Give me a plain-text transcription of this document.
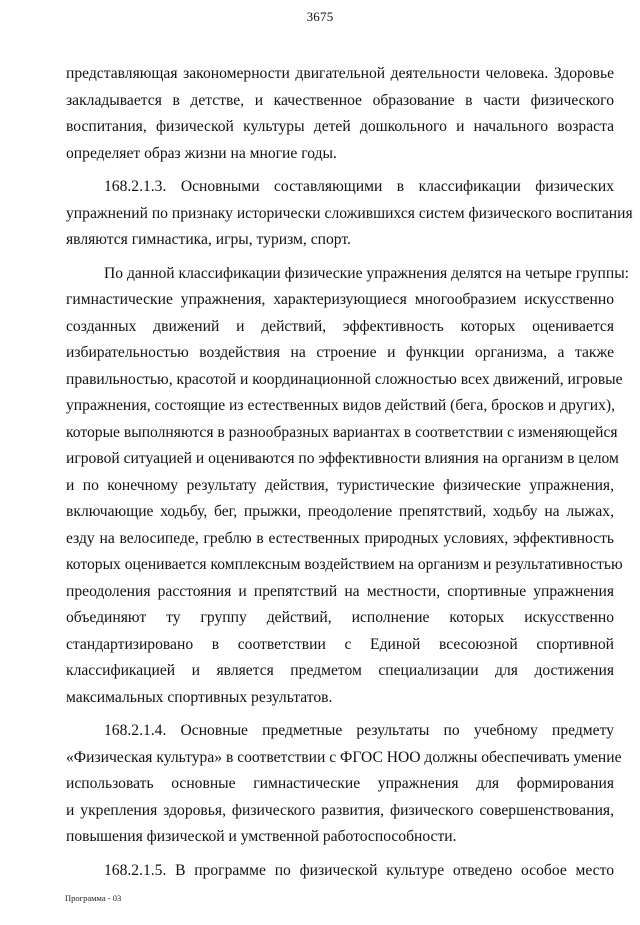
3675
представляющая закономерности двигательной деятельности человека. Здоровье
закладывается в детстве, и качественное образование в части физического
воспитания, физической культуры детей дошкольного и начального возраста
определяет образ жизни на многие годы.
168.2.1.3. Основными составляющими в классификации физических
упражнений по признаку исторически сложившихся систем физического воспитания
являются гимнастика, игры, туризм, спорт.
По данной классификации физические упражнения делятся на четыре группы:
гимнастические упражнения, характеризующиеся многообразием искусственно
созданных движений и действий, эффективность которых оценивается
избирательностью воздействия на строение и функции организма, а также
правильностью, красотой и координационной сложностью всех движений, игровые
упражнения, состоящие из естественных видов действий (бега, бросков и других),
которые выполняются в разнообразных вариантах в соответствии с изменяющейся
игровой ситуацией и оцениваются по эффективности влияния на организм в целом
и по конечному результату действия, туристические физические упражнения,
включающие ходьбу, бег, прыжки, преодоление препятствий, ходьбу на лыжах,
езду на велосипеде, греблю в естественных природных условиях, эффективность
которых оценивается комплексным воздействием на организм и результативностью
преодоления расстояния и препятствий на местности, спортивные упражнения
объединяют ту группу действий, исполнение которых искусственно
стандартизировано в соответствии с Единой всесоюзной спортивной
классификацией и является предметом специализации для достижения
максимальных спортивных результатов.
168.2.1.4. Основные предметные результаты по учебному предмету
«Физическая культура» в соответствии с ФГОС НОО должны обеспечивать умение
использовать основные гимнастические упражнения для формирования
и укрепления здоровья, физического развития, физического совершенствования,
повышения физической и умственной работоспособности.
168.2.1.5. В программе по физической культуре отведено особое место
Программа - 03
